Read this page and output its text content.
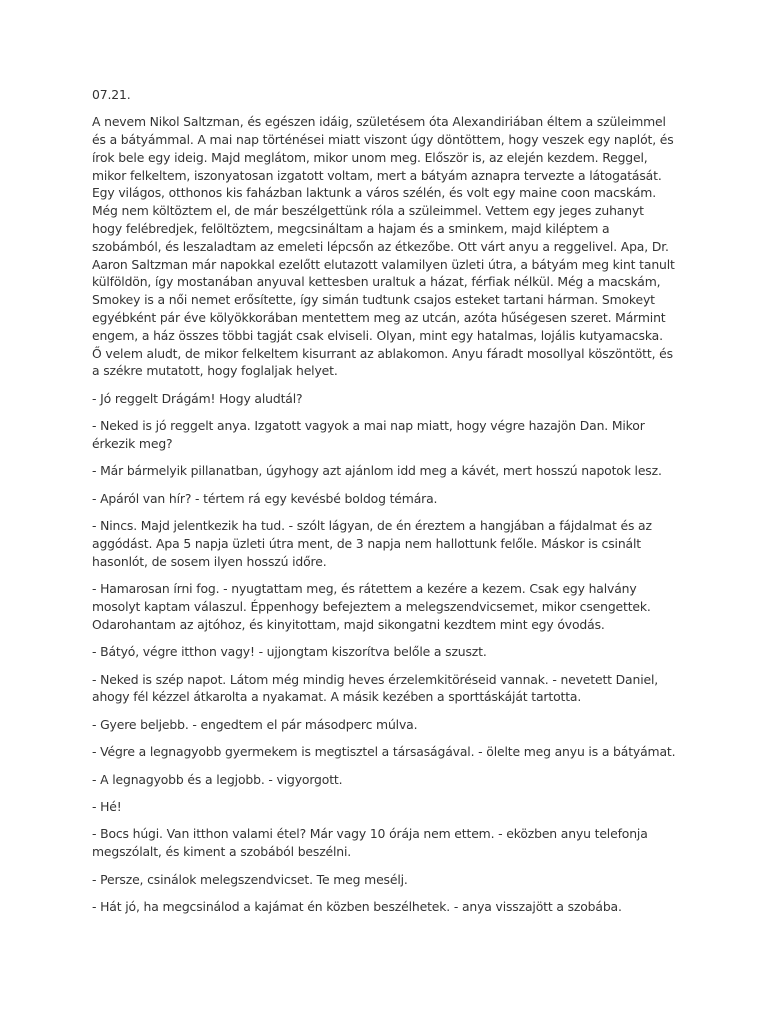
07.21.

A nevem Nikol Saltzman, és egészen idáig, születésem óta Alexandiriában éltem a szüleimmel és a bátyámmal. A mai nap történései miatt viszont úgy döntöttem, hogy veszek egy naplót, és írok bele egy ideig. Majd meglátom, mikor unom meg. Először is, az elején kezdem. Reggel, mikor felkeltem, iszonyatosan izgatott voltam, mert a bátyám aznapra tervezte a látogatását. Egy világos, otthonos kis faházban laktunk a város szélén, és volt egy maine coon macskám. Még nem költöztem el, de már beszélgettünk róla a szüleimmel. Vettem egy jeges zuhanyt hogy felébredjek, felöltöztem, megcsináltam a hajam és a sminkem, majd kiléptem a szobámból, és leszaladtam az emeleti lépcsőn az étkezőbe. Ott várt anyu a reggelivel. Apa, Dr. Aaron Saltzman már napokkal ezelőtt elutazott valamilyen üzleti útra, a bátyám meg kint tanult külföldön, így mostanában anyuval kettesben uraltuk a házat, férfiak nélkül. Még a macskám, Smokey is a női nemet erősítette, így simán tudtunk csajos esteket tartani hárman. Smokeyt egyébként pár éve kölyökkorában mentettem meg az utcán, azóta hűségesen szeret. Mármint engem, a ház összes többi tagját csak elviseli. Olyan, mint egy hatalmas, lojális kutyamacska. Ő velem aludt, de mikor felkeltem kisurrant az ablakomon. Anyu fáradt mosollyal köszöntött, és a székre mutatott, hogy foglaljak helyet.

- Jó reggelt Drágám! Hogy aludtál?

- Neked is jó reggelt anya. Izgatott vagyok a mai nap miatt, hogy végre hazajön Dan. Mikor érkezik meg?

- Már bármelyik pillanatban, úgyhogy azt ajánlom idd meg a kávét, mert hosszú napotok lesz.

- Apáról van hír? - tértem rá egy kevésbé boldog témára.

- Nincs. Majd jelentkezik ha tud. - szólt lágyan, de én éreztem a hangjában a fájdalmat és az aggódást. Apa 5 napja üzleti útra ment, de 3 napja nem hallottunk felőle. Máskor is csinált hasonlót, de sosem ilyen hosszú időre.

- Hamarosan írni fog. - nyugtattam meg, és rátettem a kezére a kezem. Csak egy halvány mosolyt kaptam válaszul. Éppenhogy befejeztem a melegszendvicsemet, mikor csengettek. Odarohantam az ajtóhoz, és kinyitottam, majd sikongatni kezdtem mint egy óvodás.

- Bátyó, végre itthon vagy! - ujjongtam kiszorítva belőle a szuszt.

- Neked is szép napot. Látom még mindig heves érzelemkitöréseid vannak. - nevetett Daniel, ahogy fél kézzel átkarolta a nyakamat. A másik kezében a sporttáskáját tartotta.

- Gyere beljebb. - engedtem el pár másodperc múlva.

- Végre a legnagyobb gyermekem is megtisztel a társaságával. - ölelte meg anyu is a bátyámat.

- A legnagyobb és a legjobb. - vigyorgott.

- Hé!

- Bocs húgi. Van itthon valami étel? Már vagy 10 órája nem ettem. - eközben anyu telefonja megszólalt, és kiment a szobából beszélni.

- Persze, csinálok melegszendvicset. Te meg mesélj.

- Hát jó, ha megcsinálod a kajámat én közben beszélhetek. - anya visszajött a szobába.
